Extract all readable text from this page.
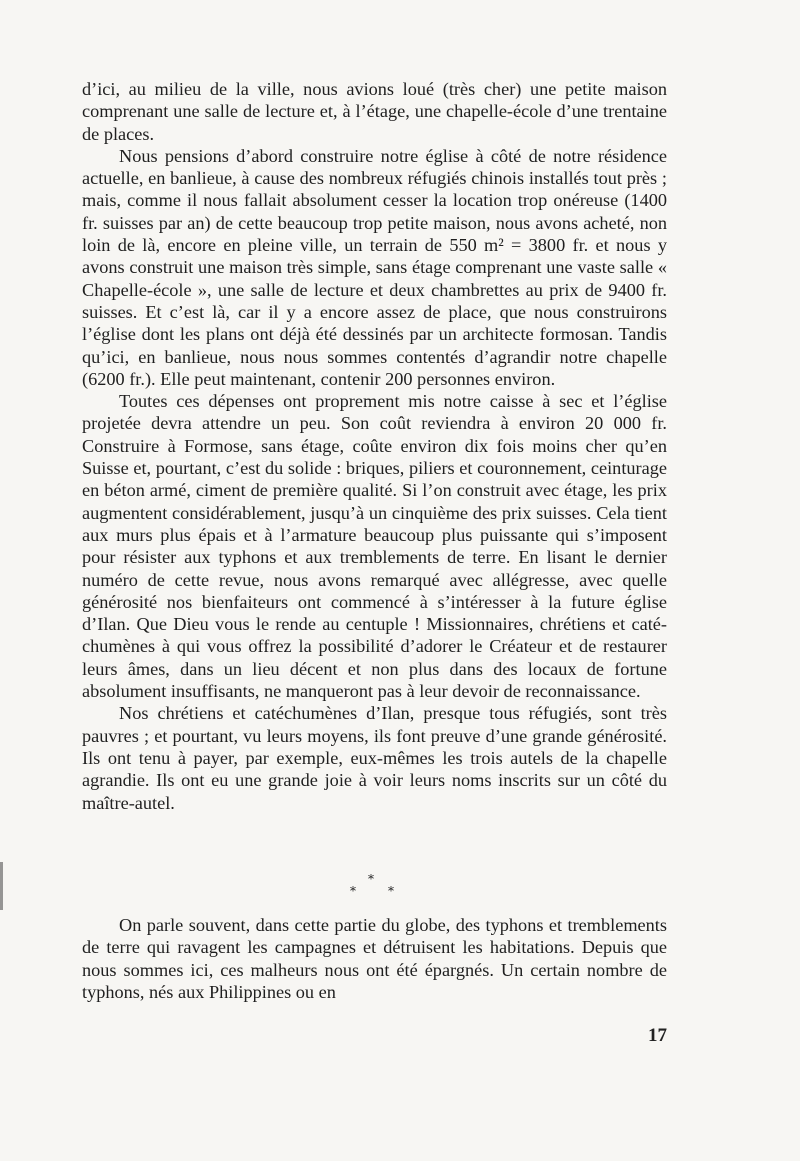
d’ici, au milieu de la ville, nous avions loué (très cher) une petite maison comprenant une salle de lecture et, à l’étage, une chapelle-école d’une trentaine de places.

Nous pensions d’abord construire notre église à côté de notre résidence actuelle, en banlieue, à cause des nombreux réfugiés chinois installés tout près ; mais, comme il nous fallait absolument cesser la location trop onéreuse (1400 fr. suisses par an) de cette beaucoup trop petite maison, nous avons acheté, non loin de là, encore en pleine ville, un terrain de 550 m² = 3800 fr. et nous y avons construit une maison très simple, sans étage comprenant une vaste salle « Chapelle-école », une salle de lecture et deux chambrettes au prix de 9400 fr. suisses. Et c’est là, car il y a encore assez de place, que nous construirons l’église dont les plans ont déjà été dessinés par un architecte formosan. Tandis qu’ici, en banlieue, nous nous sommes contentés d’agrandir notre chapelle (6200 fr.). Elle peut maintenant, contenir 200 personnes environ.

Toutes ces dépenses ont proprement mis notre caisse à sec et l’église projetée devra attendre un peu. Son coût reviendra à environ 20 000 fr. Construire à Formose, sans étage, coûte environ dix fois moins cher qu’en Suisse et, pourtant, c’est du solide : briques, piliers et couronnement, ceinturage en béton armé, ciment de première qualité. Si l’on construit avec étage, les prix augmentent considérablement, jusqu’à un cinquième des prix suisses. Cela tient aux murs plus épais et à l’armature beaucoup plus puissante qui s’imposent pour résister aux typhons et aux tremblements de terre. En lisant le dernier numéro de cette revue, nous avons remarqué avec allégresse, avec quelle générosité nos bienfaiteurs ont commencé à s’intéresser à la future église d’Ilan. Que Dieu vous le rende au centuple ! Missionnaires, chrétiens et catéchumènes à qui vous offrez la possibilité d’adorer le Créateur et de restaurer leurs âmes, dans un lieu décent et non plus dans des locaux de fortune absolument insuffisants, ne manqueront pas à leur devoir de reconnaissance.

Nos chrétiens et catéchumènes d’Ilan, presque tous réfugiés, sont très pauvres ; et pourtant, vu leurs moyens, ils font preuve d’une grande générosité. Ils ont tenu à payer, par exemple, eux-mêmes les trois autels de la chapelle agrandie. Ils ont eu une grande joie à voir leurs noms inscrits sur un côté du maître-autel.

*
*	*

On parle souvent, dans cette partie du globe, des typhons et tremblements de terre qui ravagent les campagnes et détruisent les habitations. Depuis que nous sommes ici, ces malheurs nous ont été épargnés. Un certain nombre de typhons, nés aux Philippines ou en

17
